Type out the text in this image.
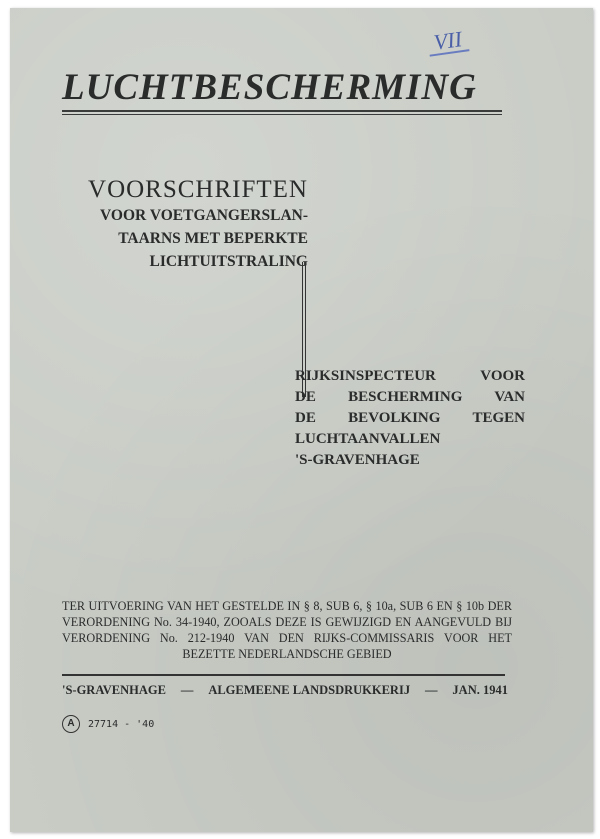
VII
LUCHTBESCHERMING
VOORSCHRIFTEN
VOOR VOETGANGERSLAN-
TAARNS MET BEPERKTE
LICHTUITSTRALING
RIJKSINSPECTEUR VOOR
DE BESCHERMING VAN
DE BEVOLKING TEGEN
LUCHTAANVALLEN
'S-GRAVENHAGE
TER UITVOERING VAN HET GESTELDE IN § 8, SUB 6, § 10a, SUB 6 EN § 10b DER VERORDENING No. 34-1940, ZOOALS DEZE IS GEWIJZIGD EN AANGEVULD BIJ VERORDENING No. 212-1940 VAN DEN RIJKS-COMMISSARIS VOOR HET BEZETTE NEDERLANDSCHE GEBIED
'S-GRAVENHAGE — ALGEMEENE LANDSDRUKKERIJ — JAN. 1941
A	27714 - '40
